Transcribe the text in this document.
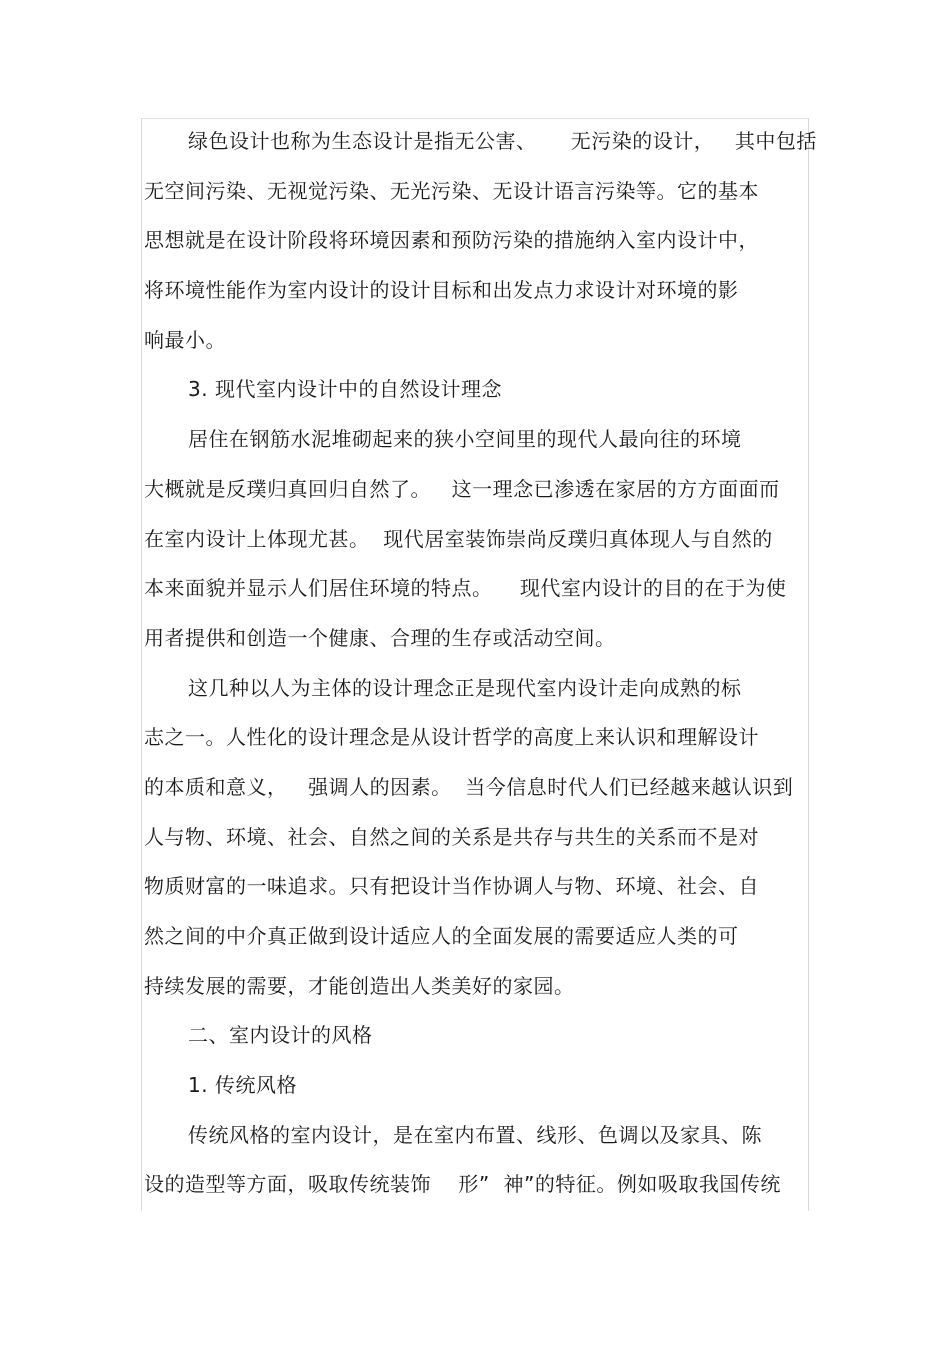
绿色设计也称为生态设计是指无公害、     无污染的设计，   其中包括
无空间污染、无视觉污染、无光污染、无设计语言污染等。它的基本
思想就是在设计阶段将环境因素和预防污染的措施纳入室内设计中，
将环境性能作为室内设计的设计目标和出发点力求设计对环境的影
响最小。
3. 现代室内设计中的自然设计理念
居住在钢筋水泥堆砌起来的狭小空间里的现代人最向往的环境
大概就是反璞归真回归自然了。   这一理念已渗透在家居的方方面面而
在室内设计上体现尤甚。  现代居室装饰崇尚反璞归真体现人与自然的
本来面貌并显示人们居住环境的特点。    现代室内设计的目的在于为使
用者提供和创造一个健康、合理的生存或活动空间。
这几种以人为主体的设计理念正是现代室内设计走向成熟的标
志之一。人性化的设计理念是从设计哲学的高度上来认识和理解设计
的本质和意义，   强调人的因素。  当今信息时代人们已经越来越认识到
人与物、环境、社会、自然之间的关系是共存与共生的关系而不是对
物质财富的一味追求。只有把设计当作协调人与物、环境、社会、自
然之间的中介真正做到设计适应人的全面发展的需要适应人类的可
持续发展的需要，才能创造出人类美好的家园。
二、室内设计的风格
1. 传统风格
传统风格的室内设计，是在室内布置、线形、色调以及家具、陈
设的造型等方面，吸取传统装饰    形”  神”的特征。例如吸取我国传统
